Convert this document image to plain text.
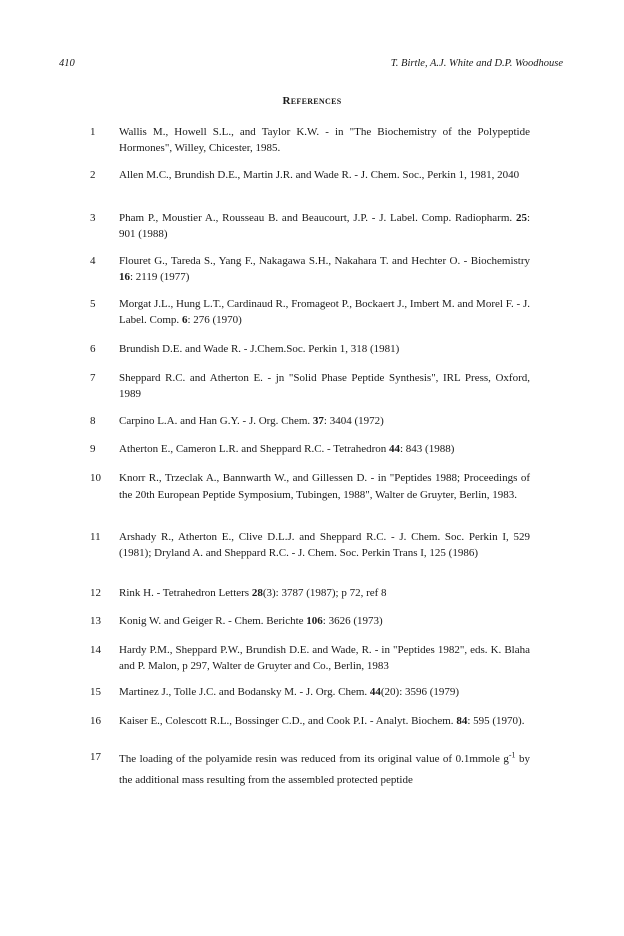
410	T. Birtle, A.J. White and D.P. Woodhouse
References
1	Wallis M., Howell S.L., and Taylor K.W. - in "The Biochemistry of the Polypeptide Hormones", Willey, Chicester, 1985.
2	Allen M.C., Brundish D.E., Martin J.R. and Wade R. - J. Chem. Soc., Perkin 1, 1981, 2040
3	Pham P., Moustier A., Rousseau B. and Beaucourt, J.P. - J. Label. Comp. Radiopharm. 25: 901 (1988)
4	Flouret G., Tareda S., Yang F., Nakagawa S.H., Nakahara T. and Hechter O. - Biochemistry 16: 2119 (1977)
5	Morgat J.L., Hung L.T., Cardinaud R., Fromageot P., Bockaert J., Imbert M. and Morel F. - J. Label. Comp. 6: 276 (1970)
6	Brundish D.E. and Wade R. - J.Chem.Soc. Perkin 1, 318 (1981)
7	Sheppard R.C. and Atherton E. - jn "Solid Phase Peptide Synthesis", IRL Press, Oxford, 1989
8	Carpino L.A. and Han G.Y. - J. Org. Chem. 37: 3404 (1972)
9	Atherton E., Cameron L.R. and Sheppard R.C. - Tetrahedron 44: 843 (1988)
10	Knorr R., Trzeclak A., Bannwarth W., and Gillessen D. - in "Peptides 1988; Proceedings of the 20th European Peptide Symposium, Tubingen, 1988", Walter de Gruyter, Berlin, 1983.
11	Arshady R., Atherton E., Clive D.L.J. and Sheppard R.C. - J. Chem. Soc. Perkin I, 529 (1981); Dryland A. and Sheppard R.C. - J. Chem. Soc. Perkin Trans I, 125 (1986)
12	Rink H. - Tetrahedron Letters 28(3): 3787 (1987); p 72, ref 8
13	Konig W. and Geiger R. - Chem. Berichte 106: 3626 (1973)
14	Hardy P.M., Sheppard P.W., Brundish D.E. and Wade, R. - in "Peptides 1982", eds. K. Blaha and P. Malon, p 297, Walter de Gruyter and Co., Berlin, 1983
15	Martinez J., Tolle J.C. and Bodansky M. - J. Org. Chem. 44(20): 3596 (1979)
16	Kaiser E., Colescott R.L., Bossinger C.D., and Cook P.I. - Analyt. Biochem. 84: 595 (1970).
17	The loading of the polyamide resin was reduced from its original value of 0.1mmole $g^{-1}$ by the additional mass resulting from the assembled protected peptide
